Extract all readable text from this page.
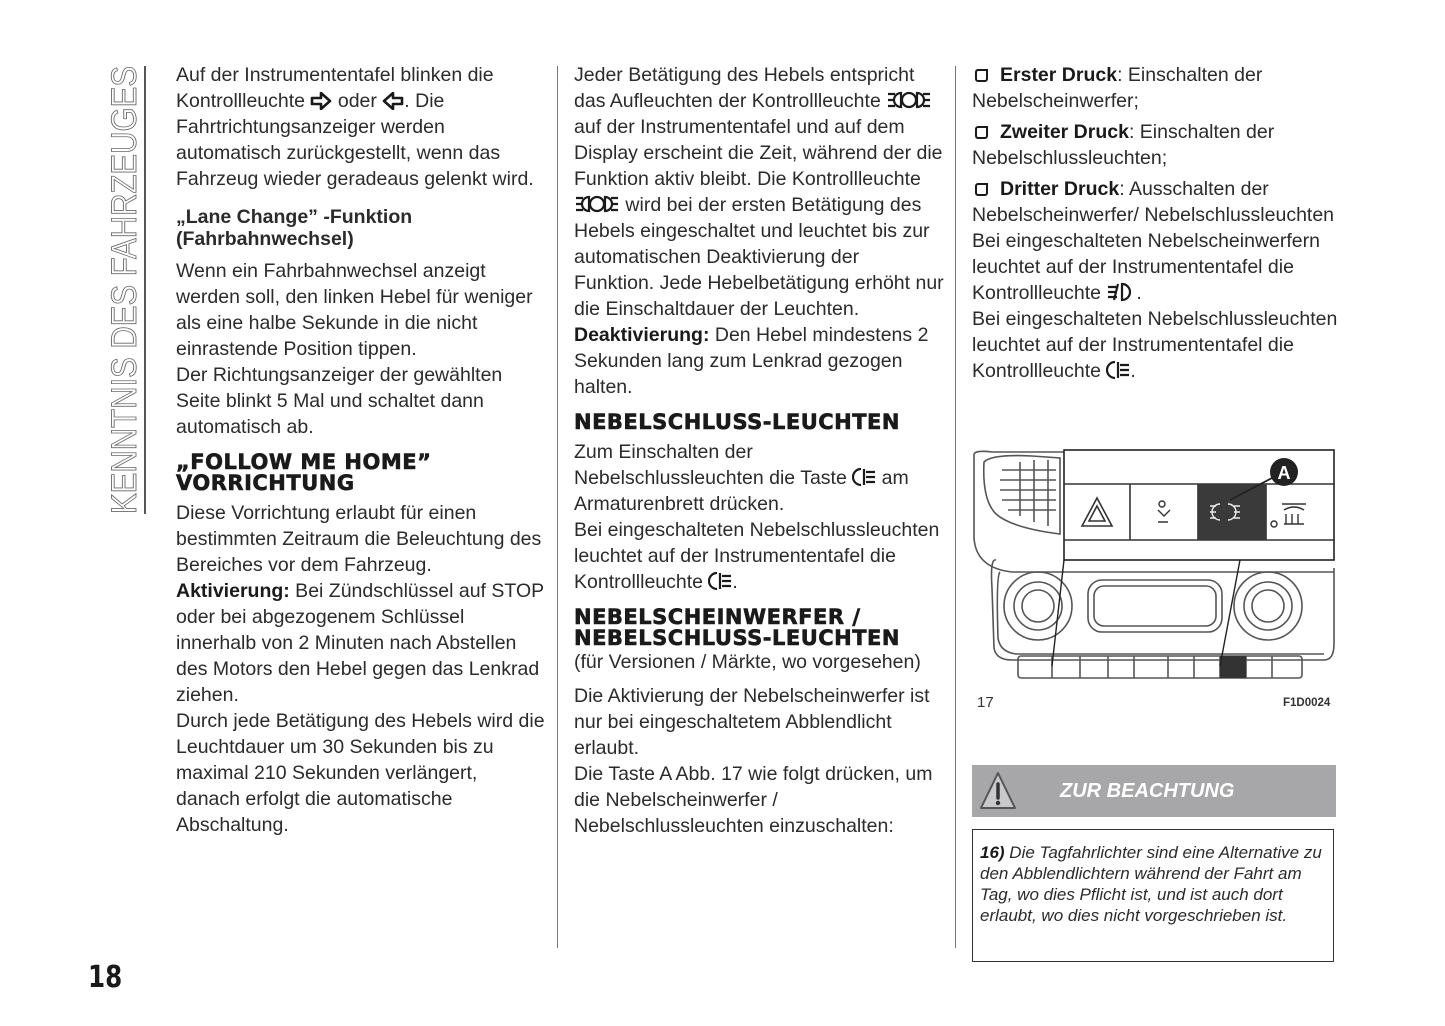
KENNTNIS DES FAHRZEUGES
18

Auf der Instrumententafel blinken die Kontrollleuchte oder . Die Fahrtrichtungsanzeiger werden automatisch zurückgestellt, wenn das Fahrzeug wieder geradeaus gelenkt wird.

„Lane Change” -Funktion (Fahrbahnwechsel)

Wenn ein Fahrbahnwechsel anzeigt werden soll, den linken Hebel für weniger als eine halbe Sekunde in die nicht einrastende Position tippen.

Der Richtungsanzeiger der gewählten Seite blinkt 5 Mal und schaltet dann automatisch ab.

„FOLLOW ME HOME” VORRICHTUNG

Diese Vorrichtung erlaubt für einen bestimmten Zeitraum die Beleuchtung des Bereiches vor dem Fahrzeug.

Aktivierung: Bei Zündschlüssel auf STOP oder bei abgezogenem Schlüssel innerhalb von 2 Minuten nach Abstellen des Motors den Hebel gegen das Lenkrad ziehen.

Durch jede Betätigung des Hebels wird die Leuchtdauer um 30 Sekunden bis zu maximal 210 Sekunden verlängert, danach erfolgt die automatische Abschaltung.

Jeder Betätigung des Hebels entspricht das Aufleuchten der Kontrollleuchte  auf der Instrumententafel und auf dem Display erscheint die Zeit, während der die Funktion aktiv bleibt. Die Kontrollleuchte  wird bei der ersten Betätigung des Hebels eingeschaltet und leuchtet bis zur automatischen Deaktivierung der Funktion. Jede Hebelbetätigung erhöht nur die Einschaltdauer der Leuchten.

Deaktivierung: Den Hebel mindestens 2 Sekunden lang zum Lenkrad gezogen halten.

NEBELSCHLUSS-LEUCHTEN

Zum Einschalten der Nebelschlussleuchten die Taste am Armaturenbrett drücken.

Bei eingeschalteten Nebelschlussleuchten leuchtet auf der Instrumententafel die Kontrollleuchte .

NEBELSCHEINWERFER / NEBELSCHLUSS-LEUCHTEN

(für Versionen / Märkte, wo vorgesehen)

Die Aktivierung der Nebelscheinwerfer ist nur bei eingeschaltetem Abblendlicht erlaubt.

Die Taste A Abb. 17 wie folgt drücken, um die Nebelscheinwerfer / Nebelschlussleuchten einzuschalten:

Erster Druck: Einschalten der Nebelscheinwerfer;

Zweiter Druck: Einschalten der Nebelschlussleuchten;

Dritter Druck: Ausschalten der Nebelscheinwerfer/ Nebelschlussleuchten

Bei eingeschalteten Nebelscheinwerfern leuchtet auf der Instrumententafel die Kontrollleuchte .

Bei eingeschalteten Nebelschlussleuchten leuchtet auf der Instrumententafel die Kontrollleuchte .

A
17	F1D0024
ZUR BEACHTUNG
16) Die Tagfahrlichter sind eine Alternative zu den Abblendlichtern während der Fahrt am Tag, wo dies Pflicht ist, und ist auch dort erlaubt, wo dies nicht vorgeschrieben ist.
